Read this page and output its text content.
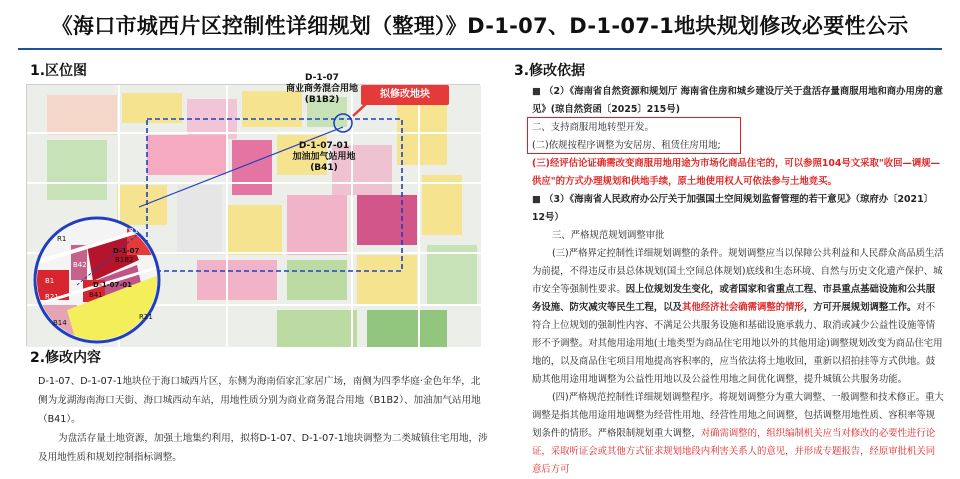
《海口市城西片区控制性详细规划（整理）》D-1-07、D-1-07-1地块规划修改必要性公示
1.区位图
拟修改地块
D-1-07
商业商务混合用地
(B1B2)
D-1-07-01
加油加气站用地
(B41)
D-1-07
B1B2
D-1-07-01
B41
R1
B1
B42
R21
R21
B14
R1
2.修改内容

D-1-07、D-1-07-1地块位于海口城西片区，东侧为海南佰家汇家居广场，南侧为四季华庭·金色年华，北侧为龙湖海南海口天街、海口城西动车站，用地性质分别为商业商务混合用地（B1B2）、加油加气站用地（B41）。

为盘活存量土地资源，加强土地集约利用，拟将D-1-07、D-1-07-1地块调整为二类城镇住宅用地，涉及用地性质和规划控制指标调整。

3.修改依据

■ （2）《海南省自然资源和规划厅 海南省住房和城乡建设厅关于盘活存量商服用地和商办用房的意见》(琼自然资函〔2025〕215号)

二、支持商服用地转型开发。

(二)依规按程序调整为安居房、租赁住房用地;

(三)经评估论证确需改变商服用地用途为市场化商品住宅的，可以参照104号文采取"收回—调规—供应"的方式办理规划和供地手续，原土地使用权人可依法参与土地竞买。

■ （3）《海南省人民政府办公厅关于加强国土空间规划监督管理的若干意见》（琼府办〔2021〕12号）

三、严格规范规划调整审批

(三)严格界定控制性详细规划调整的条件。规划调整应当以保障公共利益和人民群众高品质生活为前提，不得违反市县总体规划(国土空间总体规划)底线和生态环境、自然与历史文化遗产保护、城市安全等强制性要求。因上位规划发生变化，或者国家和省重点工程、市县重点基础设施和公共服务设施、防灾减灾等民生工程，以及其他经济社会确需调整的情形，方可开展规划调整工作。对不符合上位规划的强制性内容、不满足公共服务设施和基础设施承载力、取消或减少公益性设施等情形不予调整。对其他用途用地(土地类型为商品住宅用地以外的其他用途)调整规划改变为商品住宅用地的，以及商品住宅项目用地提高容积率的，应当依法将土地收回，重新以招拍挂等方式供地。鼓励其他用途用地调整为公益性用地以及公益性用地之间优化调整，提升城镇公共服务功能。

(四)严格规范控制性详细规划调整程序。将规划调整分为重大调整、一般调整和技术修正。重大调整是指其他用途用地调整为经营性用地、经营性用地之间调整，包括调整用地性质、容积率等规划条件的情形。严格限制规划重大调整，对确需调整的，组织编制机关应当对修改的必要性进行论证，采取听证会或其他方式征求规划地段内利害关系人的意见，并形成专题报告，经原审批机关同意后方可
